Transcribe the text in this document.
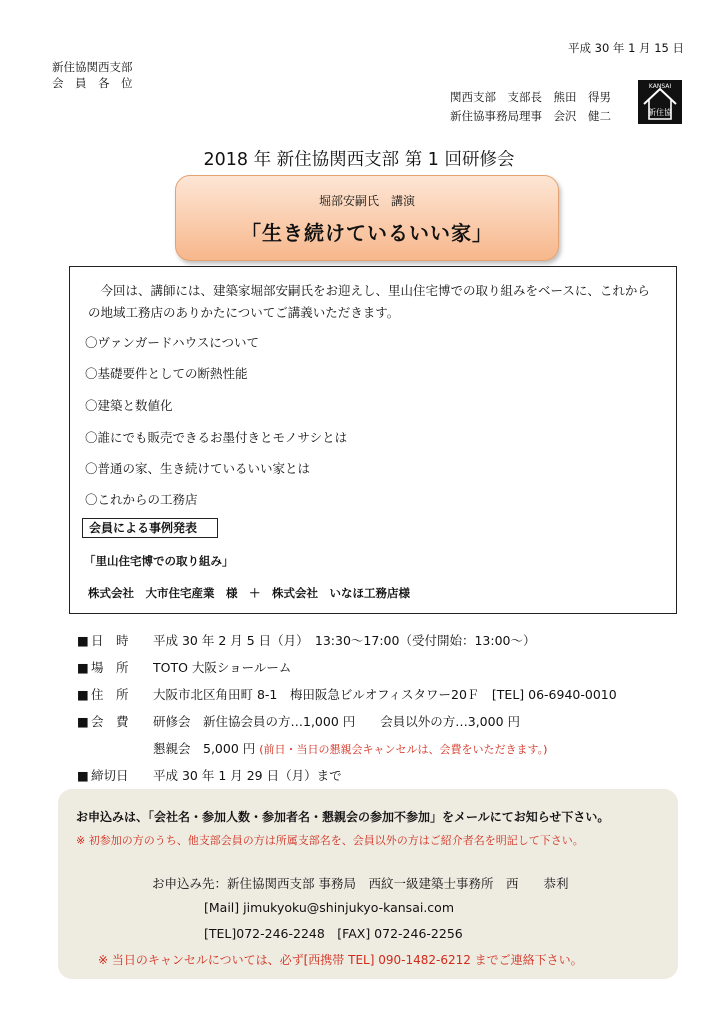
平成 30 年 1 月 15 日
新住協関西支部
会　員　各　位
関西支部　支部長　熊田　得男
新住協事務局理事　会沢　健二
KANSAI
新住協
2018 年 新住協関西支部 第 1 回研修会
堀部安嗣氏　講演
「生き続けているいい家」
今回は、講師には、建築家堀部安嗣氏をお迎えし、里山住宅博での取り組みをベースに、これからの地域工務店のありかたについてご講義いただきます。
〇ヴァンガードハウスについて
〇基礎要件としての断熱性能
〇建築と数値化
〇誰にでも販売できるお墨付きとモノサシとは
〇普通の家、生き続けているいい家とは
〇これからの工務店
会員による事例発表
「里山住宅博での取り組み」
株式会社　大市住宅産業　様　＋　株式会社　いなほ工務店様
■ 日　時 平成 30 年 2 月 5 日（月）　13:30～17:00（受付開始：13:00～）
■ 場　所 TOTO 大阪ショールーム
■ 住　所 大阪市北区角田町 8-1　梅田阪急ビルオフィスタワー20Ｆ　[TEL] 06-6940-0010
■ 会　費 研修会　新住協会員の方…1,000 円　　会員以外の方…3,000 円
懇親会　5,000 円 (前日・当日の懇親会キャンセルは、会費をいただきます。)
■ 締切日 平成 30 年 1 月 29 日（月）まで
お申込みは、「会社名・参加人数・参加者名・懇親会の参加不参加」をメールにてお知らせ下さい。
※ 初参加の方のうち、他支部会員の方は所属支部名を、会員以外の方はご紹介者名を明記して下さい。
お申込み先：新住協関西支部 事務局　西紋一級建築士事務所　西　　恭利
[Mail] jimukyoku@shinjukyo-kansai.com
[TEL]072-246-2248　[FAX] 072-246-2256
※ 当日のキャンセルについては、必ず[西携帯 TEL] 090-1482-6212 までご連絡下さい。
